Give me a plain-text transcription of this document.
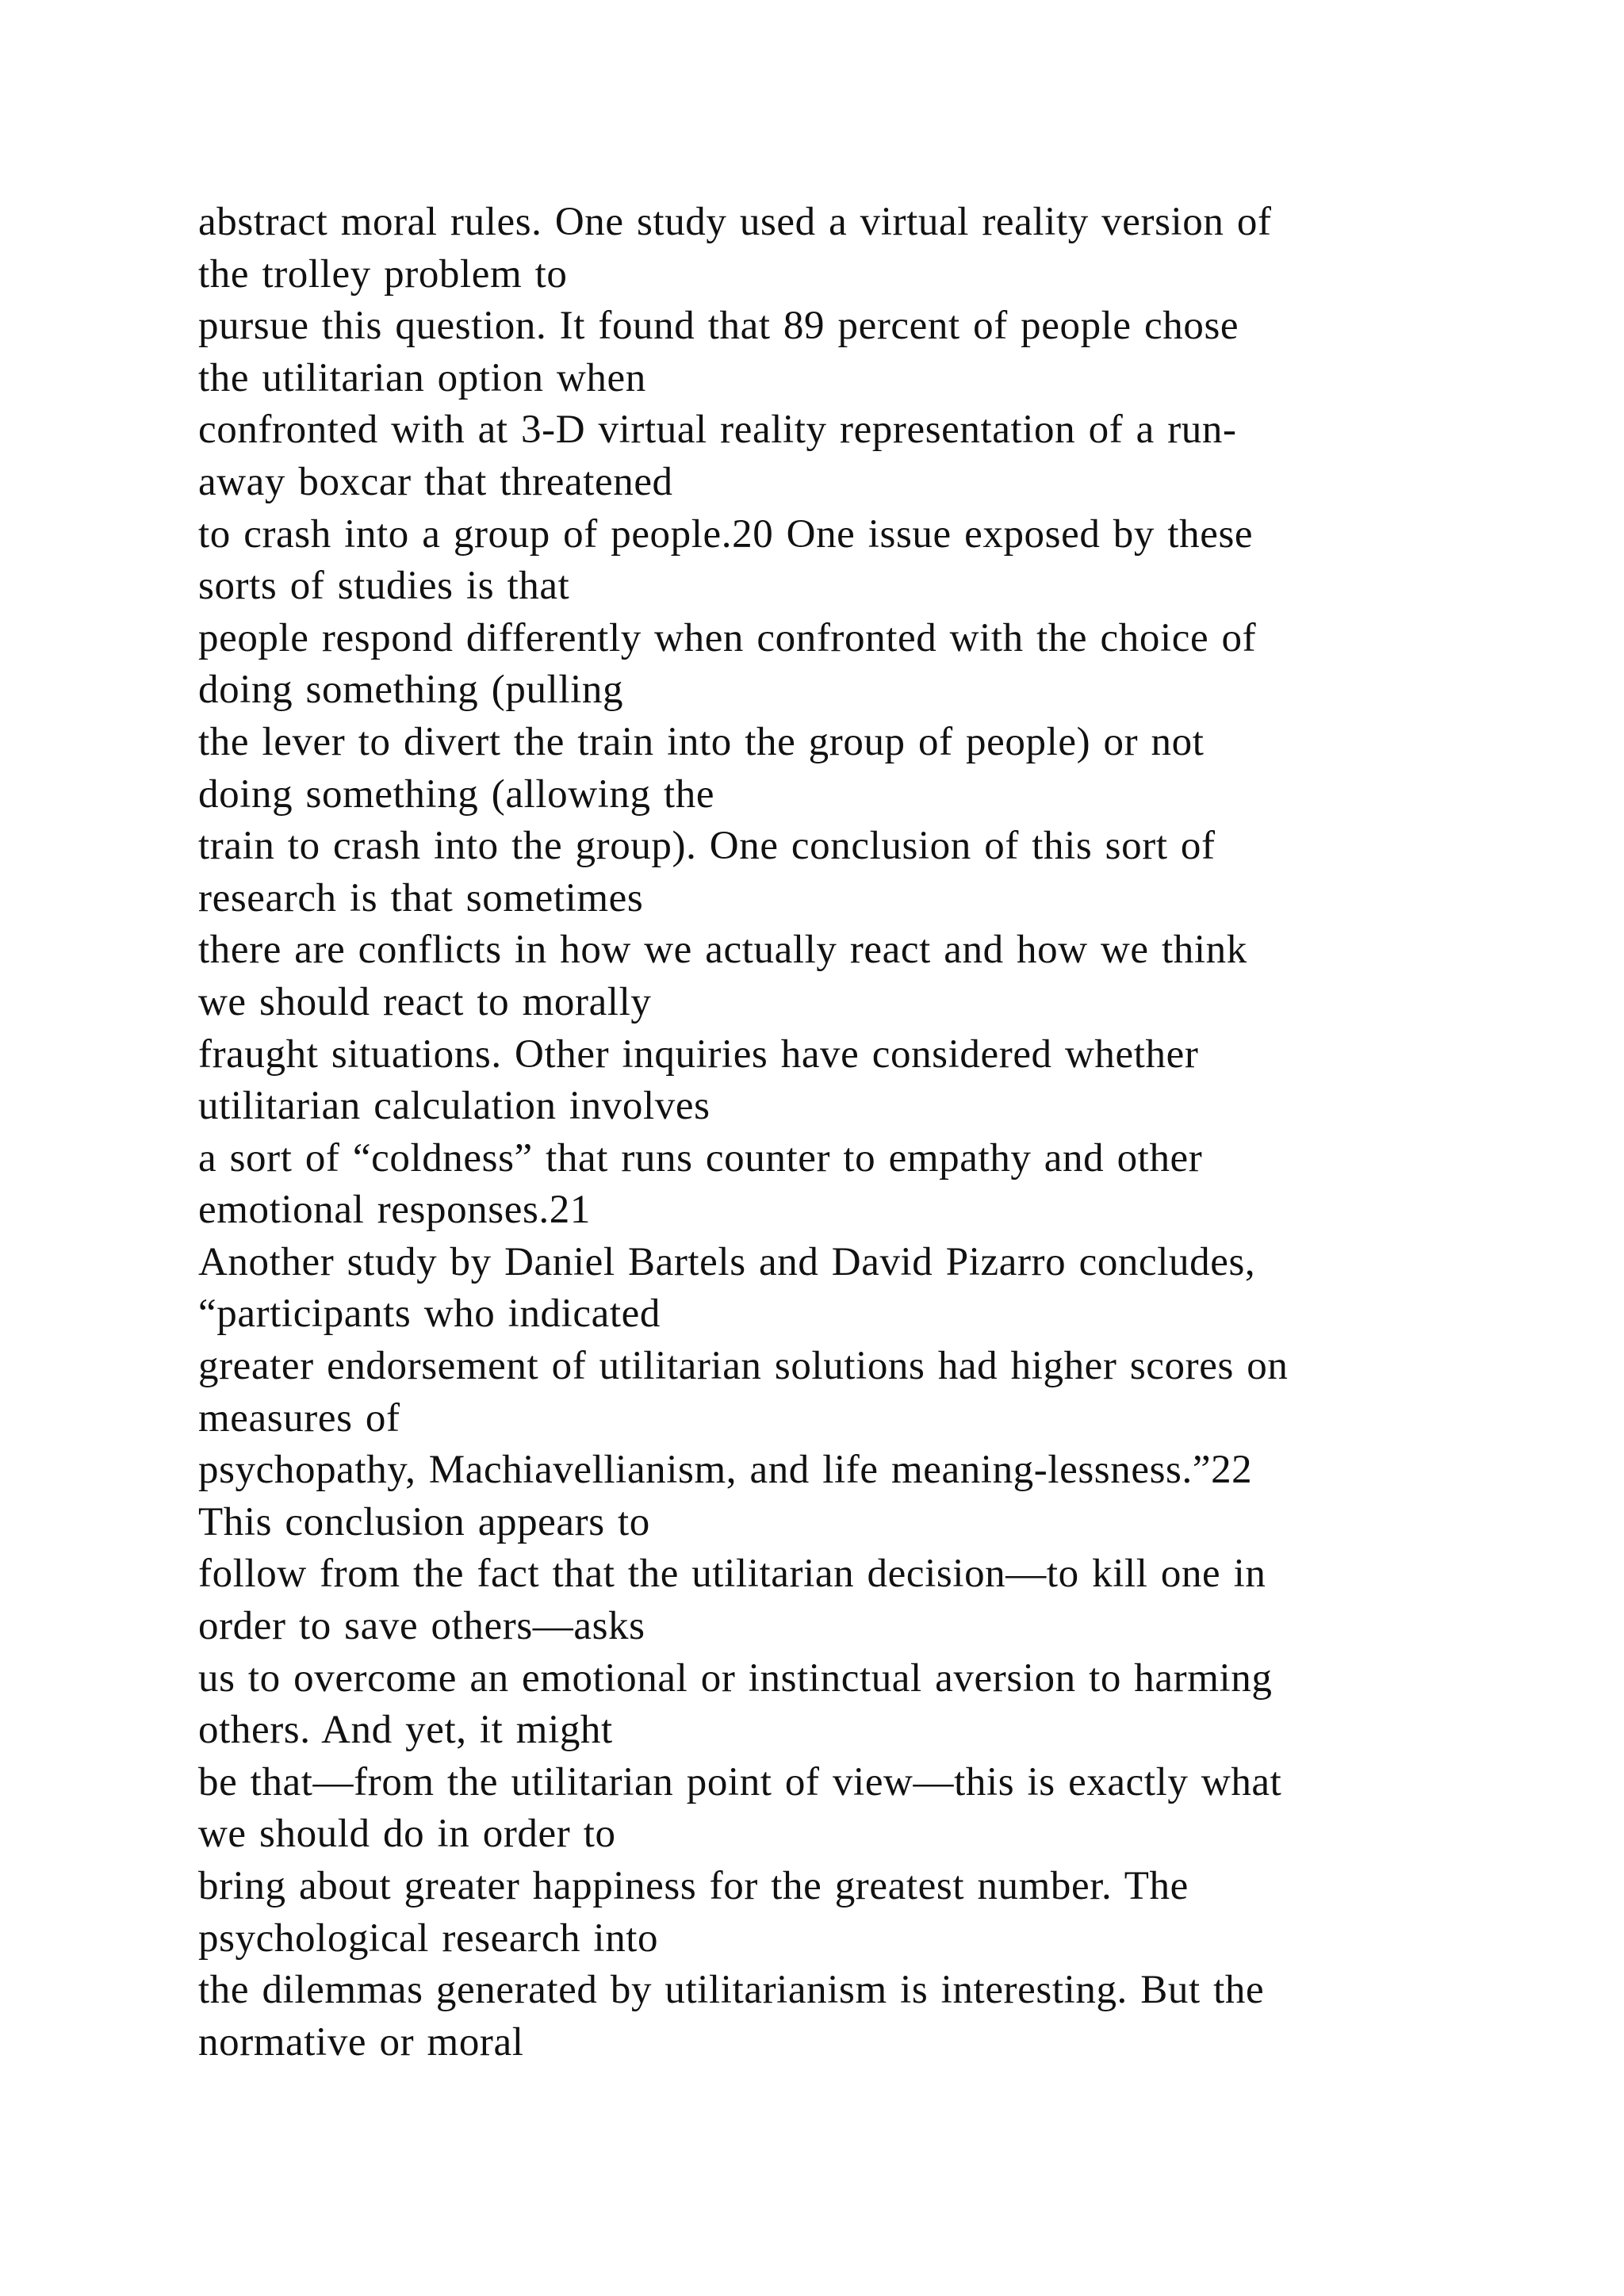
abstract moral rules. One study used a virtual reality version of
the trolley problem to
pursue this question. It found that 89 percent of people chose
the utilitarian option when
confronted with at 3-D virtual reality representation of a run-
away boxcar that threatened
to crash into a group of people.20 One issue exposed by these
sorts of studies is that
people respond differently when confronted with the choice of
doing something (pulling
the lever to divert the train into the group of people) or not
doing something (allowing the
train to crash into the group). One conclusion of this sort of
research is that sometimes
there are conflicts in how we actually react and how we think
we should react to morally
fraught situations. Other inquiries have considered whether
utilitarian calculation involves
a sort of “coldness” that runs counter to empathy and other
emotional responses.21
Another study by Daniel Bartels and David Pizarro concludes,
“participants who indicated
greater endorsement of utilitarian solutions had higher scores on
measures of
psychopathy, Machiavellianism, and life meaning-lessness.”22
This conclusion appears to
follow from the fact that the utilitarian decision—to kill one in
order to save others—asks
us to overcome an emotional or instinctual aversion to harming
others. And yet, it might
be that—from the utilitarian point of view—this is exactly what
we should do in order to
bring about greater happiness for the greatest number. The
psychological research into
the dilemmas generated by utilitarianism is interesting. But the
normative or moral
